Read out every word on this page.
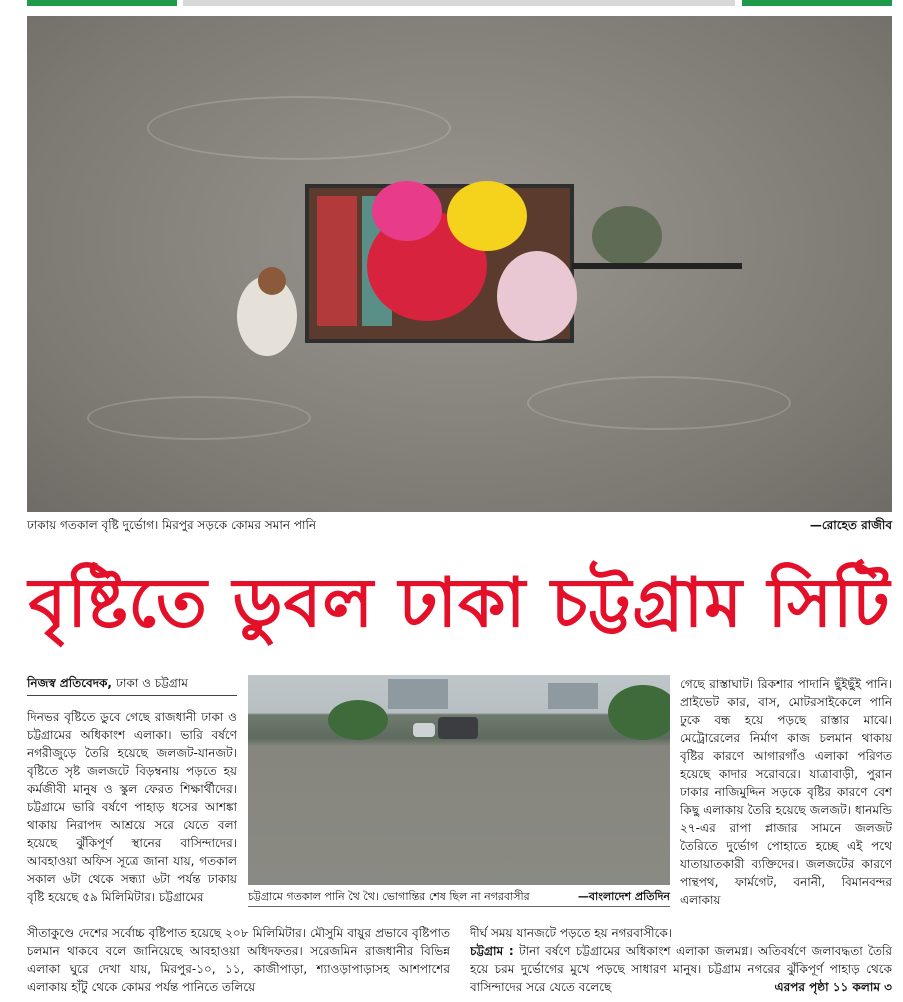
ঢাকায় গতকাল বৃষ্টি দুর্ভোগ। মিরপুর সড়কে কোমর সমান পানি	—রোহেত রাজীব
বৃষ্টিতে ডুবল ঢাকা চট্টগ্রাম সিটি
নিজস্ব প্রতিবেদক, ঢাকা ও চট্টগ্রাম
দিনভর বৃষ্টিতে ডুবে গেছে রাজধানী ঢাকা ও চট্টগ্রামের অধিকাংশ এলাকা। ভারি বর্ষণে নগরীজুড়ে তৈরি হয়েছে জলজট-যানজট। বৃষ্টিতে সৃষ্ট জলজটে বিড়ম্বনায় পড়তে হয় কর্মজীবী মানুষ ও স্কুল ফেরত শিক্ষার্থীদের। চট্টগ্রামে ভারি বর্ষণে পাহাড় ধসের আশঙ্কা থাকায় নিরাপদ আশ্রয়ে সরে যেতে বলা হয়েছে ঝুঁকিপূর্ণ স্থানের বাসিন্দাদের। আবহাওয়া অফিস সূত্রে জানা যায়, গতকাল সকাল ৬টা থেকে সন্ধ্যা ৬টা পর্যন্ত ঢাকায় বৃষ্টি হয়েছে ৫৯ মিলিমিটার। চট্টগ্রামের	চট্টগ্রামে গতকাল পানি থৈ থৈ। ভোগান্তির শেষ ছিল না নগরবাসীর	—বাংলাদেশ প্রতিদিন
গেছে রাস্তাঘাট। রিকশার পাদানি ছুঁইছুঁই পানি। প্রাইভেট কার, বাস, মোটরসাইকেলে পানি ঢুকে বন্ধ হয়ে পড়ছে রাস্তার মাঝে। মেট্রোরেলের নির্মাণ কাজ চলমান থাকায় বৃষ্টির কারণে আগারগাঁও এলাকা পরিণত হয়েছে কাদার সরোবরে। যাত্রাবাড়ী, পুরান ঢাকার নাজিমুদ্দিন সড়কে বৃষ্টির কারণে বেশ কিছু এলাকায় তৈরি হয়েছে জলজট। ধানমন্ডি ২৭-এর রাপা প্লাজার সামনে জলজট তৈরিতে দুর্ভোগ পোহাতে হচ্ছে এই পথে যাতায়াতকারী ব্যক্তিদের। জলজটের কারণে পান্থপথ, ফার্মগেট, বনানী, বিমানবন্দর এলাকায়
সীতাকুণ্ডে দেশের সর্বোচ্চ বৃষ্টিপাত হয়েছে ২০৮ মিলিমিটার। মৌসুমি বায়ুর প্রভাবে বৃষ্টিপাত চলমান থাকবে বলে জানিয়েছে আবহাওয়া অধিদফতর। সরেজমিন রাজধানীর বিভিন্ন এলাকা ঘুরে দেখা যায়, মিরপুর-১০, ১১, কাজীপাড়া, শ্যাওড়াপাড়াসহ আশপাশের এলাকায় হাঁটু থেকে কোমর পর্যন্ত পানিতে তলিয়ে
দীর্ঘ সময় যানজটে পড়তে হয় নগরবাসীকে।
চট্টগ্রাম : টানা বর্ষণে চট্টগ্রামের অধিকাংশ এলাকা জলমগ্ন। অতিবর্ষণে জলাবদ্ধতা তৈরি হয়ে চরম দুর্ভোগের মুখে পড়ছে সাধারণ মানুষ। চট্টগ্রাম নগরের ঝুঁকিপূর্ণ পাহাড় থেকে বাসিন্দাদের সরে যেতে বলেছে	এরপর পৃষ্ঠা ১১ কলাম ৩
